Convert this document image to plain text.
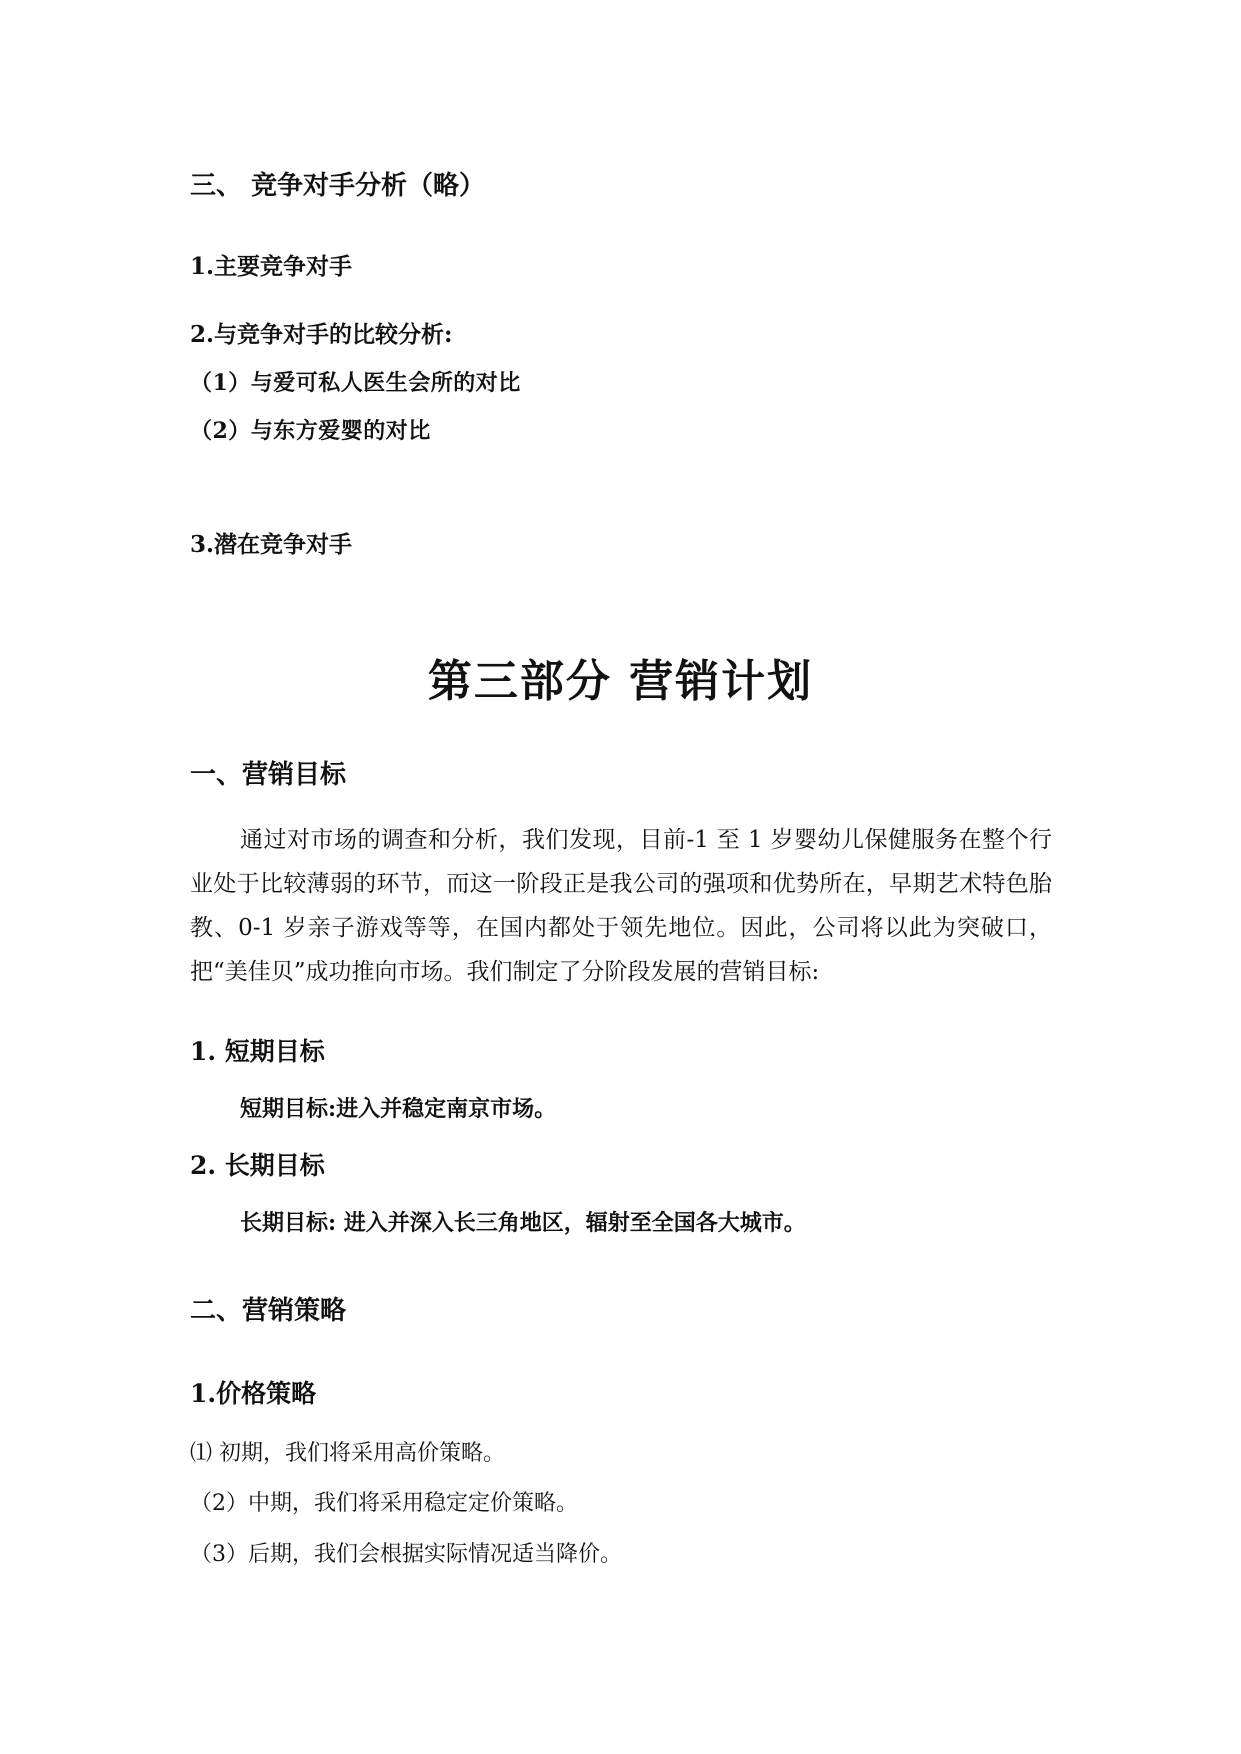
三、 竞争对手分析（略）
1.主要竞争对手
2.与竞争对手的比较分析:
（1）与爱可私人医生会所的对比
（2）与东方爱婴的对比
3.潜在竞争对手
第三部分 营销计划
一、营销目标
通过对市场的调查和分析，我们发现，目前-1 至 1 岁婴幼儿保健服务在整个行业处于比较薄弱的环节，而这一阶段正是我公司的强项和优势所在，早期艺术特色胎教、0-1 岁亲子游戏等等，在国内都处于领先地位。因此，公司将以此为突破口，把“美佳贝”成功推向市场。我们制定了分阶段发展的营销目标:
1. 短期目标
短期目标:进入并稳定南京市场。
2. 长期目标
长期目标: 进入并深入长三角地区，辐射至全国各大城市。
二、营销策略
1.价格策略
⑴ 初期，我们将采用高价策略。
（2）中期，我们将采用稳定定价策略。
（3）后期，我们会根据实际情况适当降价。
